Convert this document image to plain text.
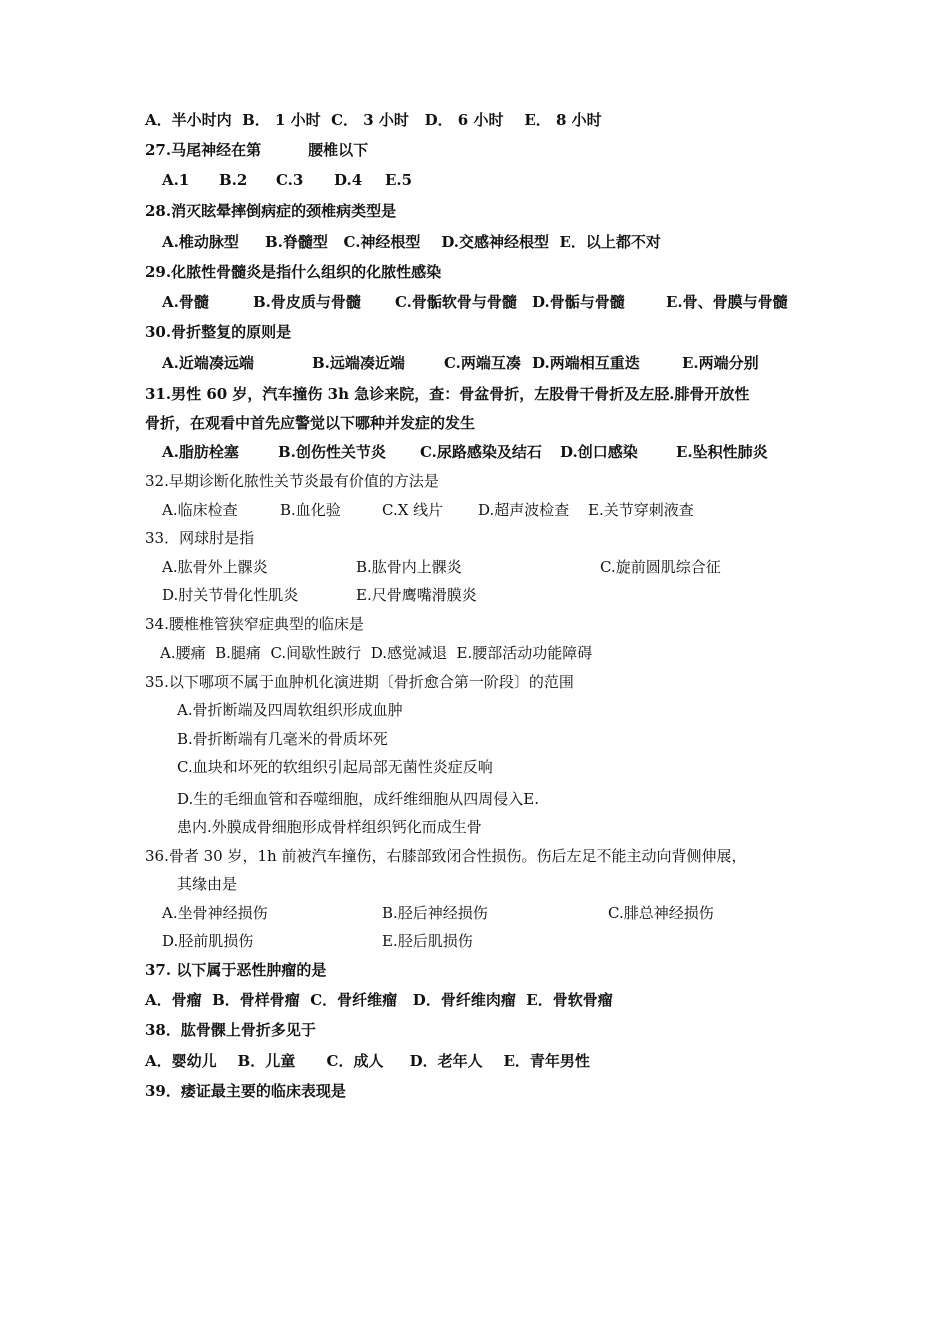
A．半小时内  B． 1 小时  C． 3 小时   D． 6 小时    E． 8 小时
27.马尾神经在第         腰椎以下
A.1 B.2 C.3 D.4 E.5
28.消灭眩晕摔倒病症的颈椎病类型是
A.椎动脉型     B.脊髓型   C.神经根型    D.交感神经根型  E．以上都不对
29.化脓性骨髓炎是指什么组织的化脓性感染
A.骨髓	B.骨皮质与骨髓 C.骨骺软骨与骨髓 D.骨骺与骨髓	E.骨、骨膜与骨髓
30.骨折整复的原则是
A.近端凑远端	B.远端凑近端	C.两端互凑 D.两端相互重迭	E.两端分别
31.男性 60 岁，汽车撞伤 3h 急诊来院，查：骨盆骨折，左股骨干骨折及左胫.腓骨开放性
骨折，在观看中首先应警觉以下哪种并发症的发生
A.脂肪栓塞	B.创伤性关节炎 C.尿路感染及结石 D.创口感染	E.坠积性肺炎
32.早期诊断化脓性关节炎最有价值的方法是
A.临床检查	B.血化验	C.X 线片 D.超声波检查 E.关节穿刺液查
33．网球肘是指
A.肱骨外上髁炎	B.肱骨内上髁炎	C.旋前圆肌综合征
D.肘关节骨化性肌炎	E.尺骨鹰嘴滑膜炎
34.腰椎椎管狭窄症典型的临床是
A.腰痛  B.腿痛  C.间歇性跛行  D.感觉减退  E.腰部活动功能障碍
35.以下哪项不属于血肿机化演进期〔骨折愈合第一阶段〕的范围
A.骨折断端及四周软组织形成血肿
B.骨折断端有几毫米的骨质坏死
C.血块和坏死的软组织引起局部无菌性炎症反响
D.生的毛细血管和吞噬细胞，成纤维细胞从四周侵入E.
患内.外膜成骨细胞形成骨样组织钙化而成生骨
36.骨者 30 岁，1h 前被汽车撞伤，右膝部致闭合性损伤。伤后左足不能主动向背侧伸展，
其缘由是
A.坐骨神经损伤	B.胫后神经损伤	C.腓总神经损伤
D.胫前肌损伤	E.胫后肌损伤
37. 以下属于恶性肿瘤的是
A．骨瘤  B．骨样骨瘤  C．骨纤维瘤   D．骨纤维肉瘤  E．骨软骨瘤
38．肱骨髁上骨折多见于
A．婴幼儿    B．儿童      C．成人     D．老年人    E．青年男性
39．痿证最主要的临床表现是
